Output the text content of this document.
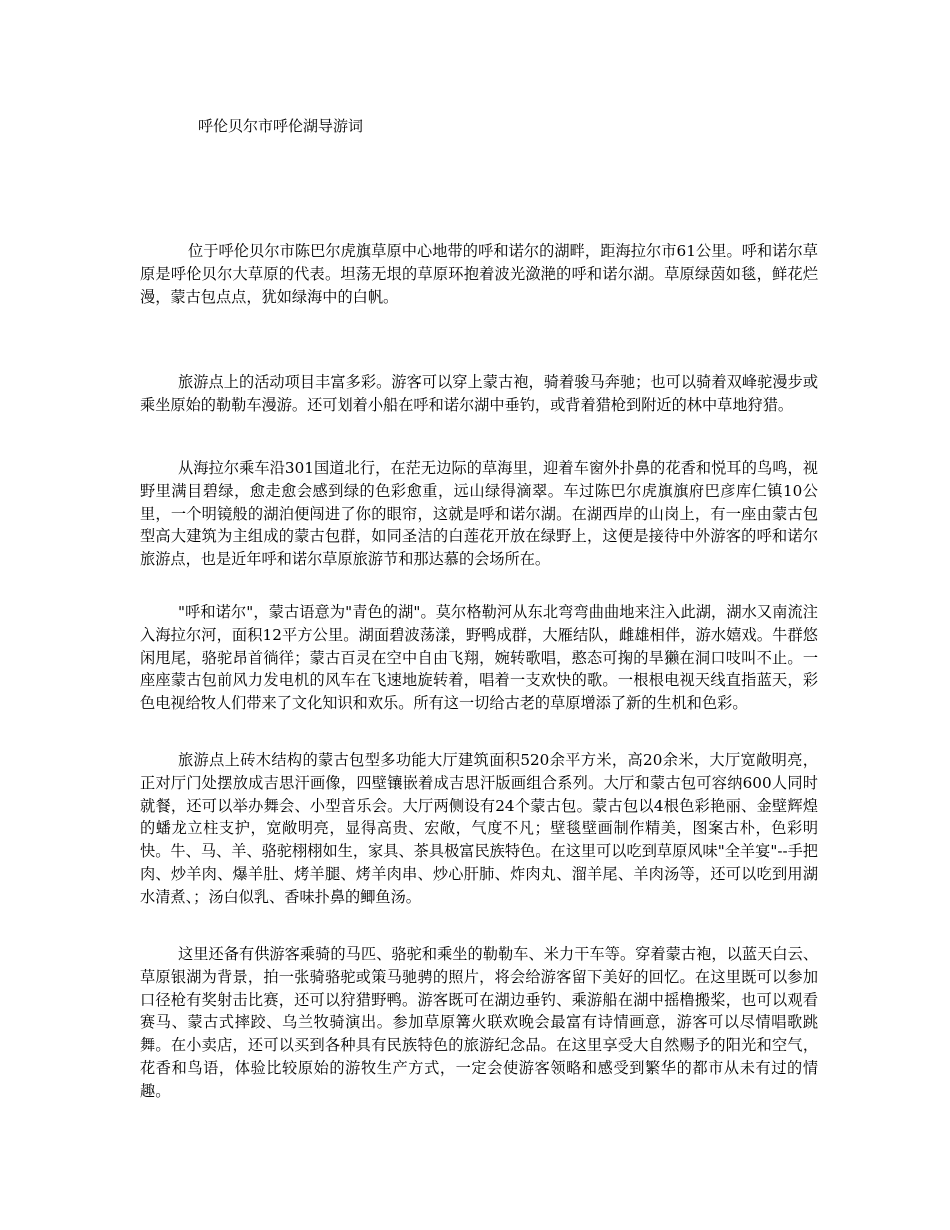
呼伦贝尔市呼伦湖导游词

位于呼伦贝尔市陈巴尔虎旗草原中心地带的呼和诺尔的湖畔，距海拉尔市61公里。呼和诺尔草原是呼伦贝尔大草原的代表。坦荡无垠的草原环抱着波光潋滟的呼和诺尔湖。草原绿茵如毯，鲜花烂漫，蒙古包点点，犹如绿海中的白帆。

旅游点上的活动项目丰富多彩。游客可以穿上蒙古袍，骑着骏马奔驰；也可以骑着双峰驼漫步或乘坐原始的勒勒车漫游。还可划着小船在呼和诺尔湖中垂钓，或背着猎枪到附近的林中草地狩猎。

从海拉尔乘车沿301国道北行，在茫无边际的草海里，迎着车窗外扑鼻的花香和悦耳的鸟鸣，视野里满目碧绿，愈走愈会感到绿的色彩愈重，远山绿得滴翠。车过陈巴尔虎旗旗府巴彦库仁镇10公里，一个明镜般的湖泊便闯进了你的眼帘，这就是呼和诺尔湖。在湖西岸的山岗上，有一座由蒙古包型高大建筑为主组成的蒙古包群，如同圣洁的白莲花开放在绿野上，这便是接待中外游客的呼和诺尔旅游点，也是近年呼和诺尔草原旅游节和那达慕的会场所在。

"呼和诺尔"，蒙古语意为"青色的湖"。莫尔格勒河从东北弯弯曲曲地来注入此湖，湖水又南流注入海拉尔河，面积12平方公里。湖面碧波荡漾，野鸭成群，大雁结队，雌雄相伴，游水嬉戏。牛群悠闲甩尾，骆驼昂首徜徉；蒙古百灵在空中自由飞翔，婉转歌唱，憨态可掬的旱獭在洞口吱叫不止。一座座蒙古包前风力发电机的风车在飞速地旋转着，唱着一支欢快的歌。一根根电视天线直指蓝天，彩色电视给牧人们带来了文化知识和欢乐。所有这一切给古老的草原增添了新的生机和色彩。

旅游点上砖木结构的蒙古包型多功能大厅建筑面积520余平方米，高20余米，大厅宽敞明亮，正对厅门处摆放成吉思汗画像，四壁镶嵌着成吉思汗版画组合系列。大厅和蒙古包可容纳600人同时就餐，还可以举办舞会、小型音乐会。大厅两侧设有24个蒙古包。蒙古包以4根色彩艳丽、金壁辉煌的蟠龙立柱支护，宽敞明亮，显得高贵、宏敞，气度不凡；壁毯壁画制作精美，图案古朴，色彩明快。牛、马、羊、骆驼栩栩如生，家具、茶具极富民族特色。在这里可以吃到草原风味"全羊宴"--手把肉、炒羊肉、爆羊肚、烤羊腿、烤羊肉串、炒心肝肺、炸肉丸、溜羊尾、羊肉汤等，还可以吃到用湖水清煮、；汤白似乳、香味扑鼻的鲫鱼汤。

这里还备有供游客乘骑的马匹、骆驼和乘坐的勒勒车、米力干车等。穿着蒙古袍，以蓝天白云、草原银湖为背景，拍一张骑骆驼或策马驰骋的照片，将会给游客留下美好的回忆。在这里既可以参加口径枪有奖射击比赛，还可以狩猎野鸭。游客既可在湖边垂钓、乘游船在湖中摇橹搬桨，也可以观看赛马、蒙古式摔跤、乌兰牧骑演出。参加草原篝火联欢晚会最富有诗情画意，游客可以尽情唱歌跳舞。在小卖店，还可以买到各种具有民族特色的旅游纪念品。在这里享受大自然赐予的阳光和空气，花香和鸟语，体验比较原始的游牧生产方式，一定会使游客领略和感受到繁华的都市从未有过的情趣。
